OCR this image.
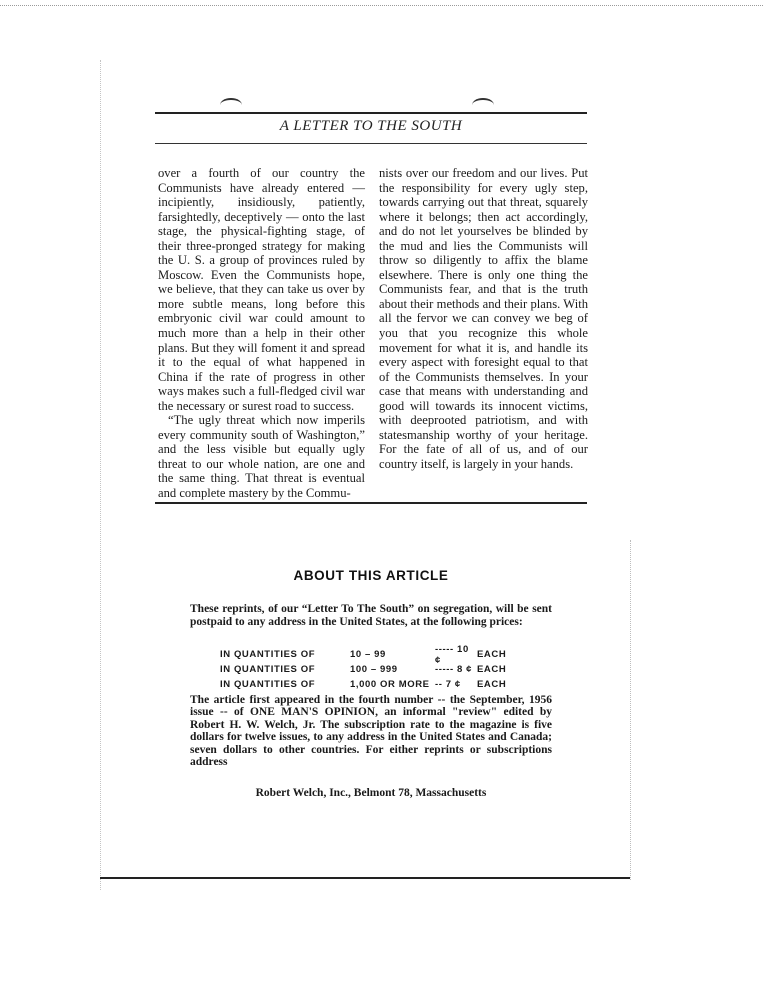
A LETTER TO THE SOUTH

over a fourth of our country the Communists have already entered — incipiently, insidiously, patiently, farsightedly, deceptively — onto the last stage, the physical-fighting stage, of their three-pronged strategy for making the U. S. a group of provinces ruled by Moscow. Even the Communists hope, we believe, that they can take us over by more subtle means, long before this embryonic civil war could amount to much more than a help in their other plans. But they will foment it and spread it to the equal of what happened in China if the rate of progress in other ways makes such a full-fledged civil war the necessary or surest road to success.

“The ugly threat which now imperils every community south of Washington,” and the less visible but equally ugly threat to our whole nation, are one and the same thing. That threat is eventual and complete mastery by the Commu-

nists over our freedom and our lives. Put the responsibility for every ugly step, towards carrying out that threat, squarely where it belongs; then act accordingly, and do not let yourselves be blinded by the mud and lies the Communists will throw so diligently to affix the blame elsewhere. There is only one thing the Communists fear, and that is the truth about their methods and their plans. With all the fervor we can convey we beg of you that you recognize this whole movement for what it is, and handle its every aspect with foresight equal to that of the Communists themselves. In your case that means with understanding and good will towards its innocent victims, with deeprooted patriotism, and with statesmanship worthy of your heritage. For the fate of all of us, and of our country itself, is largely in your hands.

ABOUT THIS ARTICLE

These reprints, of our “Letter To The South” on segregation, will be sent postpaid to any address in the United States, at the following prices:

IN QUANTITIES OF	10 – 99	----- 10 ¢	EACH
IN QUANTITIES OF	100 – 999	----- 8 ¢ EACH
IN QUANTITIES OF	1,000 OR MORE -- 7 ¢	EACH

The article first appeared in the fourth number -- the September, 1956 issue -- of ONE MAN'S OPINION, an informal "review" edited by Robert H. W. Welch, Jr. The subscription rate to the magazine is five dollars for twelve issues, to any address in the United States and Canada; seven dollars to other countries. For either reprints or subscriptions address

Robert Welch, Inc., Belmont 78, Massachusetts
